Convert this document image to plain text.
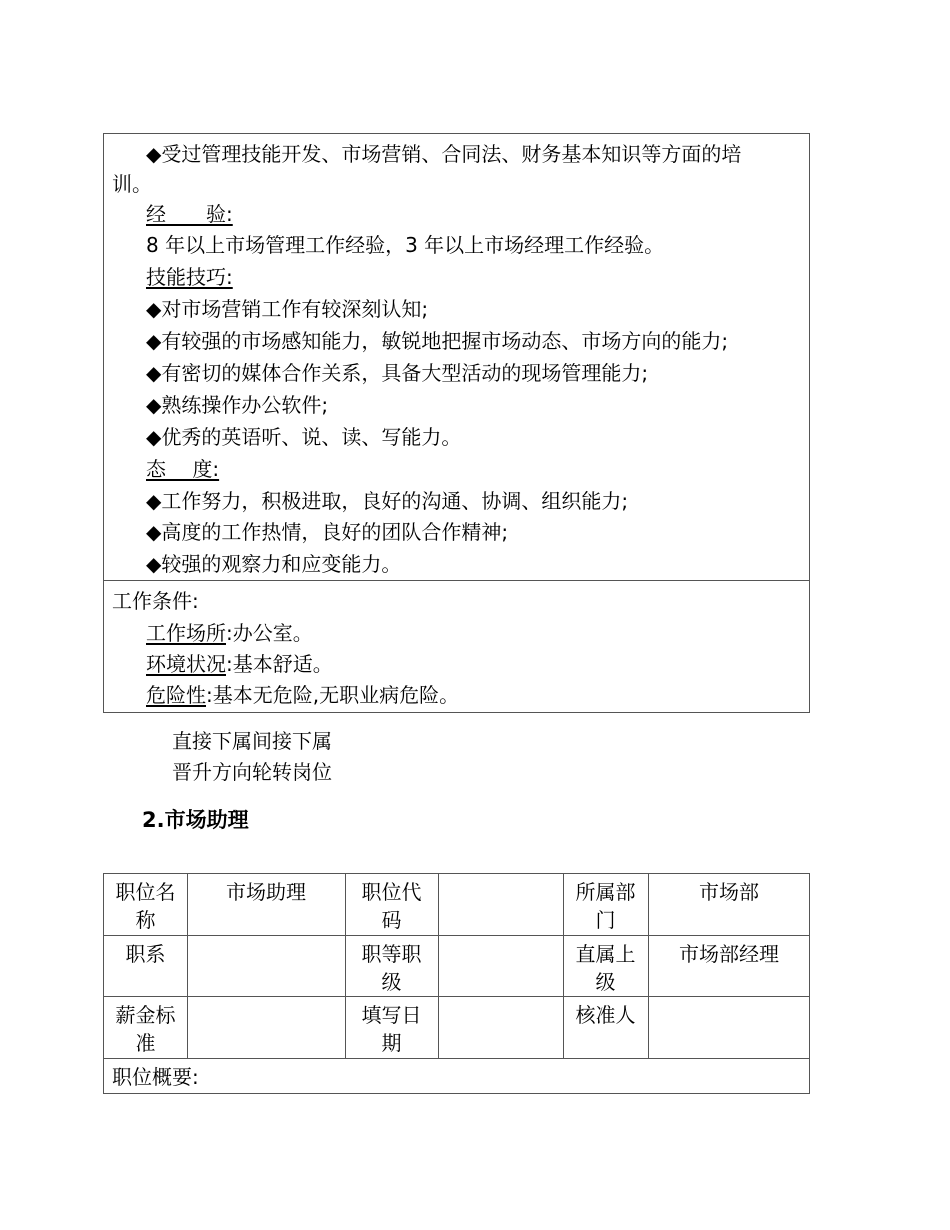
◆受过管理技能开发、市场营销、合同法、财务基本知识等方面的培
训。
经　　验:
8 年以上市场管理工作经验，3 年以上市场经理工作经验。
技能技巧:
◆对市场营销工作有较深刻认知;
◆有较强的市场感知能力，敏锐地把握市场动态、市场方向的能力;
◆有密切的媒体合作关系，具备大型活动的现场管理能力;
◆熟练操作办公软件;
◆优秀的英语听、说、读、写能力。
态　 度:
◆工作努力，积极进取，良好的沟通、协调、组织能力;
◆高度的工作热情，良好的团队合作精神;
◆较强的观察力和应变能力。
工作条件:
工作场所:办公室。
环境状况:基本舒适。
危险性:基本无危险,无职业病危险。
直接下属间接下属
晋升方向轮转岗位
2.市场助理
职位名
称
市场助理	职位代
码
所属部
门
市场部
职系	职等职
级
直属上
级
市场部经理
薪金标
准
填写日
期
核准人
职位概要:
